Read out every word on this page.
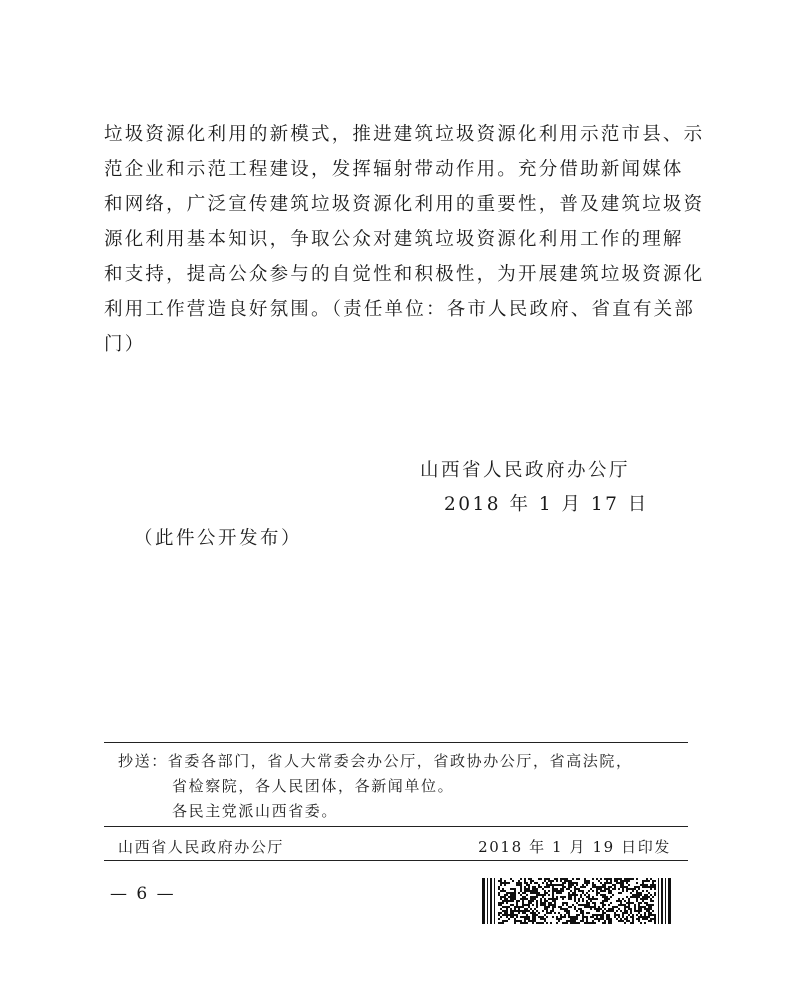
垃圾资源化利用的新模式，推进建筑垃圾资源化利用示范市县、示
范企业和示范工程建设，发挥辐射带动作用。充分借助新闻媒体
和网络，广泛宣传建筑垃圾资源化利用的重要性，普及建筑垃圾资
源化利用基本知识，争取公众对建筑垃圾资源化利用工作的理解
和支持，提高公众参与的自觉性和积极性，为开展建筑垃圾资源化
利用工作营造良好氛围。（责任单位：各市人民政府、省直有关部
门）
山西省人民政府办公厅
2018 年 1 月 17 日
（此件公开发布）
抄送：省委各部门，省人大常委会办公厅，省政协办公厅，省高法院，
省检察院，各人民团体，各新闻单位。
各民主党派山西省委。
山西省人民政府办公厅	2018 年 1 月 19 日印发
— 6 —
